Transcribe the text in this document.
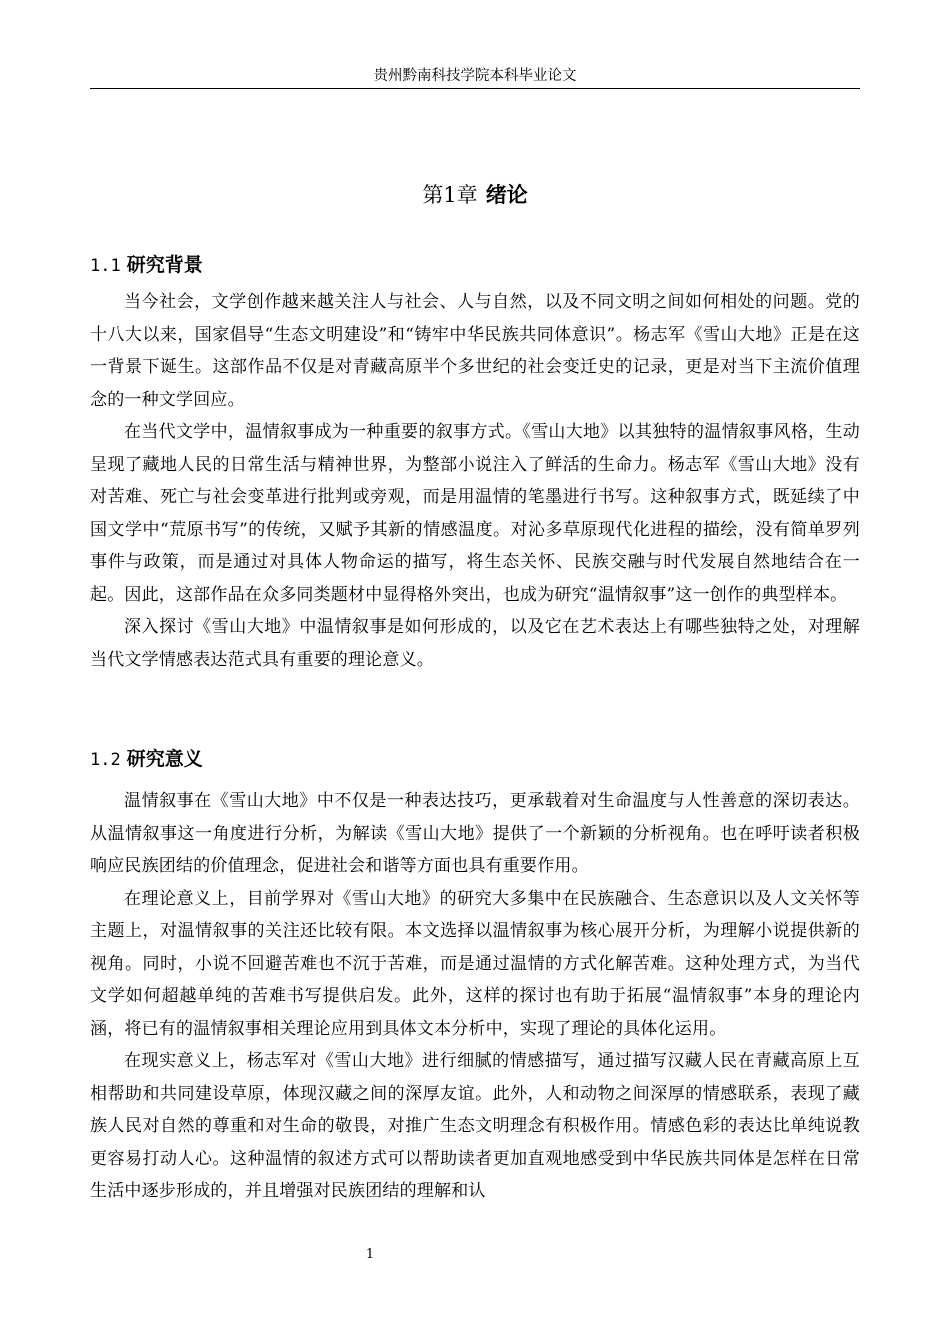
贵州黔南科技学院本科毕业论文
第1章 绪论
1.1 研究背景

当今社会，文学创作越来越关注人与社会、人与自然，以及不同文明之间如何相处的问题。党的十八大以来，国家倡导“生态文明建设”和“铸牢中华民族共同体意识”。杨志军《雪山大地》正是在这一背景下诞生。这部作品不仅是对青藏高原半个多世纪的社会变迁史的记录，更是对当下主流价值理念的一种文学回应。

在当代文学中，温情叙事成为一种重要的叙事方式。《雪山大地》以其独特的温情叙事风格，生动呈现了藏地人民的日常生活与精神世界，为整部小说注入了鲜活的生命力。杨志军《雪山大地》没有对苦难、死亡与社会变革进行批判或旁观，而是用温情的笔墨进行书写。这种叙事方式，既延续了中国文学中“荒原书写”的传统，又赋予其新的情感温度。对沁多草原现代化进程的描绘，没有简单罗列事件与政策，而是通过对具体人物命运的描写，将生态关怀、民族交融与时代发展自然地结合在一起。因此，这部作品在众多同类题材中显得格外突出，也成为研究“温情叙事”这一创作的典型样本。

深入探讨《雪山大地》中温情叙事是如何形成的，以及它在艺术表达上有哪些独特之处，对理解当代文学情感表达范式具有重要的理论意义。

1.2 研究意义

温情叙事在《雪山大地》中不仅是一种表达技巧，更承载着对生命温度与人性善意的深切表达。从温情叙事这一角度进行分析，为解读《雪山大地》提供了一个新颖的分析视角。也在呼吁读者积极响应民族团结的价值理念，促进社会和谐等方面也具有重要作用。

在理论意义上，目前学界对《雪山大地》的研究大多集中在民族融合、生态意识以及人文关怀等主题上，对温情叙事的关注还比较有限。本文选择以温情叙事为核心展开分析，为理解小说提供新的视角。同时，小说不回避苦难也不沉于苦难，而是通过温情的方式化解苦难。这种处理方式，为当代文学如何超越单纯的苦难书写提供启发。此外，这样的探讨也有助于拓展“温情叙事”本身的理论内涵，将已有的温情叙事相关理论应用到具体文本分析中，实现了理论的具体化运用。

在现实意义上，杨志军对《雪山大地》进行细腻的情感描写，通过描写汉藏人民在青藏高原上互相帮助和共同建设草原，体现汉藏之间的深厚友谊。此外，人和动物之间深厚的情感联系，表现了藏族人民对自然的尊重和对生命的敬畏，对推广生态文明理念有积极作用。情感色彩的表达比单纯说教更容易打动人心。这种温情的叙述方式可以帮助读者更加直观地感受到中华民族共同体是怎样在日常生活中逐步形成的，并且增强对民族团结的理解和认

1
